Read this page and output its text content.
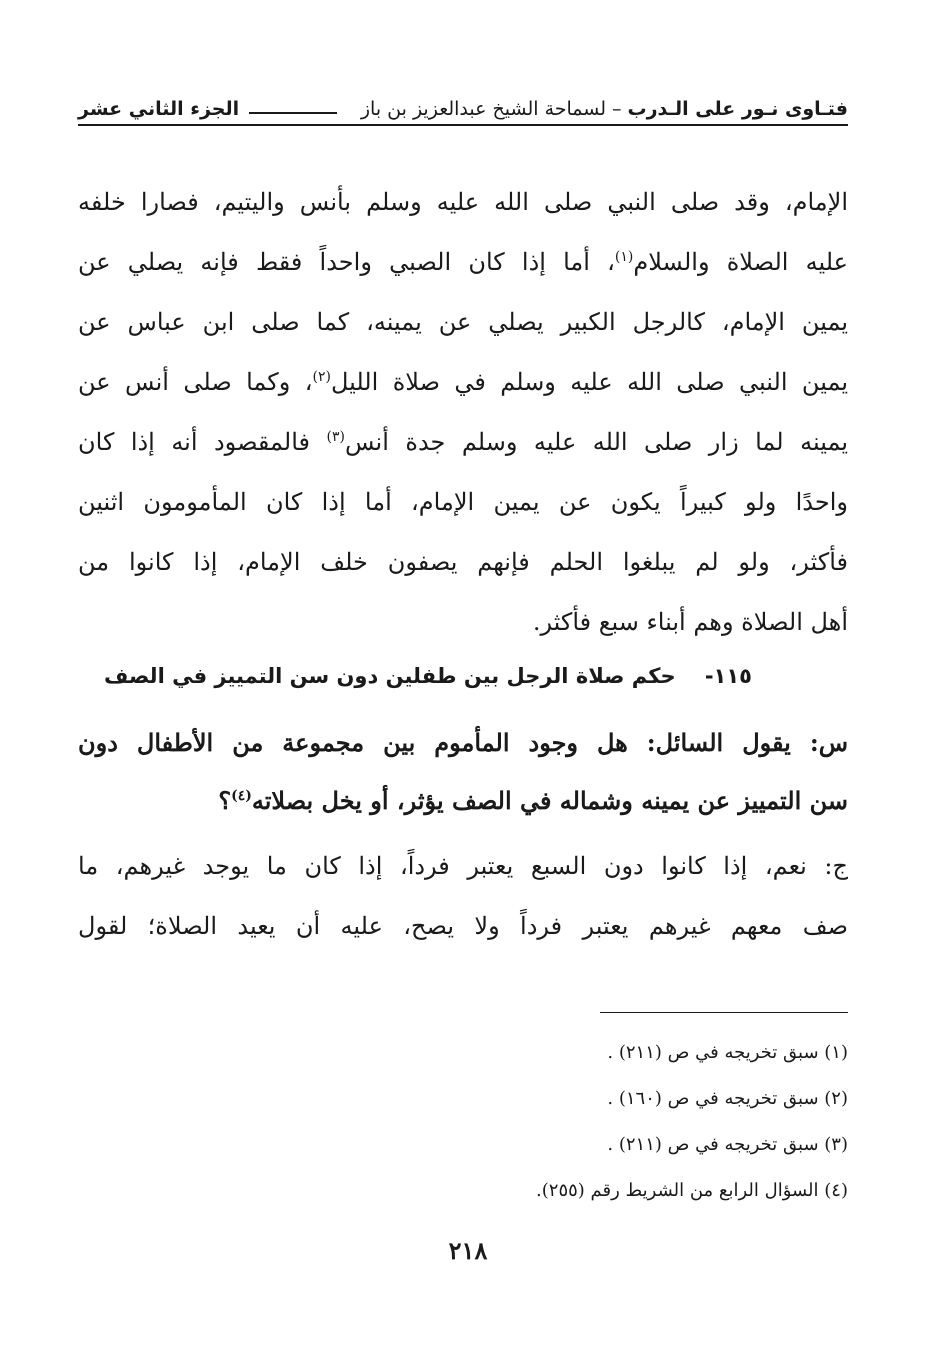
فتـاوى نـور على الـدرب
–
لسماحة الشيخ عبدالعزيز بن باز
الجزء الثاني عشر
الإمام، وقد صلى النبي صلى الله عليه وسلم بأنس واليتيم، فصارا خلفه
عليه الصلاة والسلام$^{(١)}$، أما إذا كان الصبي واحداً فقط فإنه يصلي عن
يمين الإمام، كالرجل الكبير يصلي عن يمينه، كما صلى ابن عباس عن
يمين النبي صلى الله عليه وسلم في صلاة الليل$^{(٢)}$، وكما صلى أنس عن
يمينه لما زار صلى الله عليه وسلم جدة أنس$^{(٣)}$ فالمقصود أنه إذا كان
واحدًا ولو كبيراً يكون عن يمين الإمام، أما إذا كان المأمومون اثنين
فأكثر، ولو لم يبلغوا الحلم فإنهم يصفون خلف الإمام، إذا كانوا من
أهل الصلاة وهم أبناء سبع فأكثر.
١١٥-    حكم صلاة الرجل بين طفلين دون سن التمييز في الصف
س: يقول السائل: هل وجود المأموم بين مجموعة من الأطفال دون
سن التمييز عن يمينه وشماله في الصف يؤثر، أو يخل بصلاته$^{(٤)}$؟
ج: نعم، إذا كانوا دون السبع يعتبر فرداً، إذا كان ما يوجد غيرهم، ما
صف معهم غيرهم يعتبر فرداً ولا يصح، عليه أن يعيد الصلاة؛ لقول
(١) سبق تخريجه في ص (٢١١) .
(٢) سبق تخريجه في ص (١٦٠) .
(٣) سبق تخريجه في ص (٢١١) .
(٤) السؤال الرابع من الشريط رقم (٢٥٥).
٢١٨
